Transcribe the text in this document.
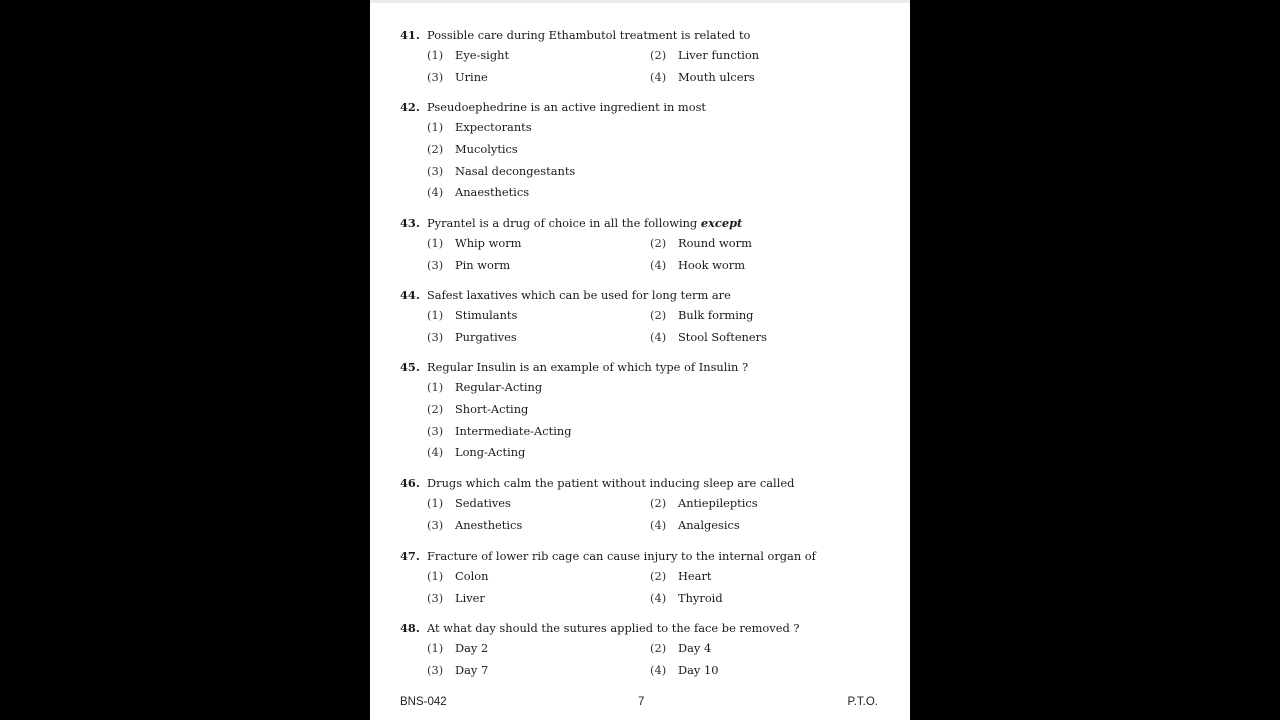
41. Possible care during Ethambutol treatment is related to
(1) Eye-sight	(2) Liver function
(3) Urine	(4) Mouth ulcers
42. Pseudoephedrine is an active ingredient in most
(1) Expectorants
(2) Mucolytics
(3) Nasal decongestants
(4) Anaesthetics
43. Pyrantel is a drug of choice in all the following except
(1) Whip worm	(2) Round worm
(3) Pin worm	(4) Hook worm
44. Safest laxatives which can be used for long term are
(1) Stimulants	(2) Bulk forming
(3) Purgatives	(4) Stool Softeners
45. Regular Insulin is an example of which type of Insulin ?
(1) Regular-Acting
(2) Short-Acting
(3) Intermediate-Acting
(4) Long-Acting
46. Drugs which calm the patient without inducing sleep are called
(1) Sedatives	(2) Antiepileptics
(3) Anesthetics	(4) Analgesics
47. Fracture of lower rib cage can cause injury to the internal organ of
(1) Colon	(2) Heart
(3) Liver	(4) Thyroid
48. At what day should the sutures applied to the face be removed ?
(1) Day 2	(2) Day 4
(3) Day 7	(4) Day 10
BNS-042	7	P.T.O.
